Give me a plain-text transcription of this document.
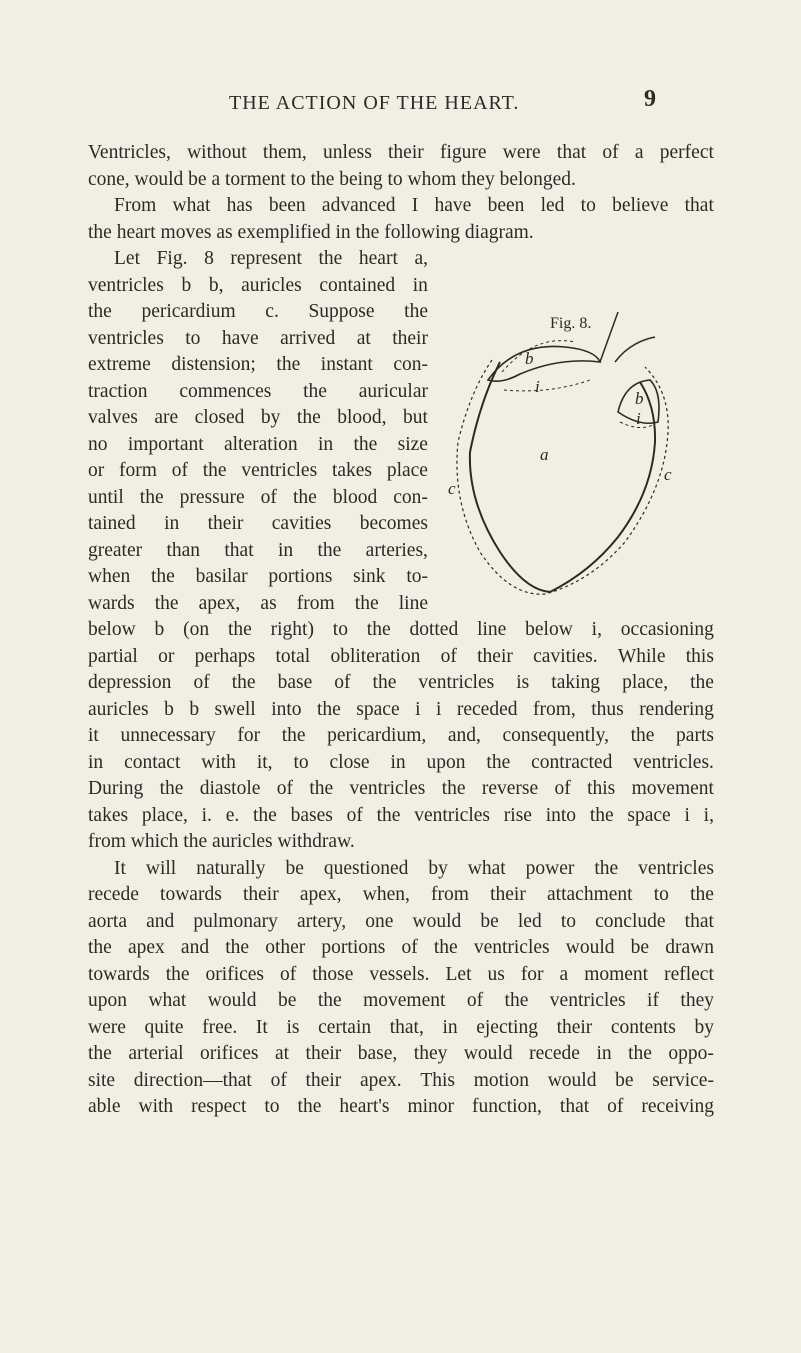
THE ACTION OF THE HEART.	9
Fig. 8.
b
i
b
i
a
c
c
Ventricles, without them, unless their figure were that of a perfect
cone, would be a torment to the being to whom they belonged.
From what has been advanced I have been led to believe that
the heart moves as exemplified in the following diagram.
Let Fig. 8 represent the heart a,
ventricles b b, auricles contained in
the pericardium c. Suppose the
ventricles to have arrived at their
extreme distension; the instant con-
traction commences the auricular
valves are closed by the blood, but
no important alteration in the size
or form of the ventricles takes place
until the pressure of the blood con-
tained in their cavities becomes
greater than that in the arteries,
when the basilar portions sink to-
wards the apex, as from the line
below b (on the right) to the dotted line below i, occasioning
partial or perhaps total obliteration of their cavities. While this
depression of the base of the ventricles is taking place, the
auricles b b swell into the space i i receded from, thus rendering
it unnecessary for the pericardium, and, consequently, the parts
in contact with it, to close in upon the contracted ventricles.
During the diastole of the ventricles the reverse of this movement
takes place, i. e. the bases of the ventricles rise into the space i i,
from which the auricles withdraw.
It will naturally be questioned by what power the ventricles
recede towards their apex, when, from their attachment to the
aorta and pulmonary artery, one would be led to conclude that
the apex and the other portions of the ventricles would be drawn
towards the orifices of those vessels. Let us for a moment reflect
upon what would be the movement of the ventricles if they
were quite free. It is certain that, in ejecting their contents by
the arterial orifices at their base, they would recede in the oppo-
site direction—that of their apex. This motion would be service-
able with respect to the heart's minor function, that of receiving
